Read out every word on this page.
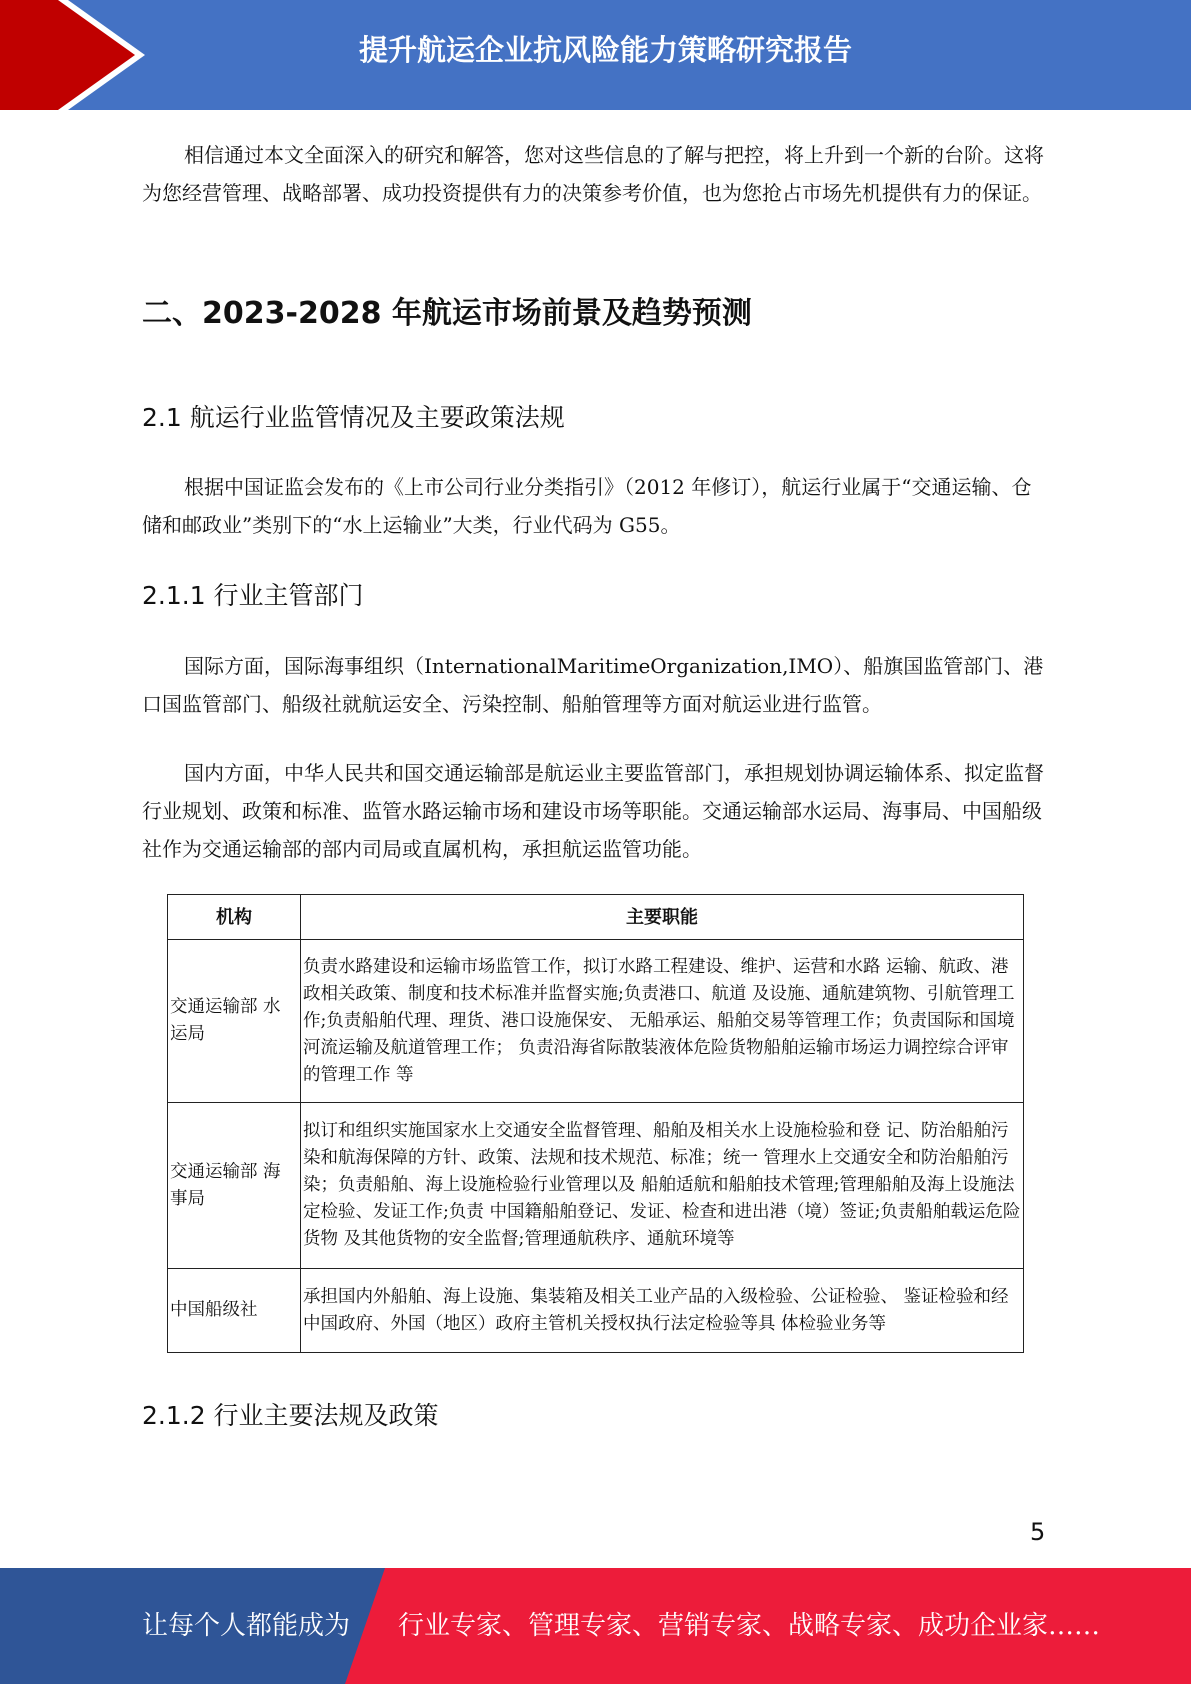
提升航运企业抗风险能力策略研究报告

相信通过本文全面深入的研究和解答，您对这些信息的了解与把控，将上升到一个新的台阶。这将为您经营管理、战略部署、成功投资提供有力的决策参考价值，也为您抢占市场先机提供有力的保证。

二、2023-2028 年航运市场前景及趋势预测
2.1 航运行业监管情况及主要政策法规

根据中国证监会发布的《上市公司行业分类指引》（2012 年修订），航运行业属于“交通运输、仓储和邮政业”类别下的“水上运输业”大类，行业代码为 G55。

2.1.1 行业主管部门

国际方面，国际海事组织（InternationalMaritimeOrganization,IMO）、船旗国监管部门、港口国监管部门、船级社就航运安全、污染控制、船舶管理等方面对航运业进行监管。

国内方面，中华人民共和国交通运输部是航运业主要监管部门，承担规划协调运输体系、拟定监督行业规划、政策和标准、监管水路运输市场和建设市场等职能。交通运输部水运局、海事局、中国船级社作为交通运输部的部内司局或直属机构，承担航运监管功能。

机构	主要职能
交通运输部 水运局	负责水路建设和运输市场监管工作，拟订水路工程建设、维护、运营和水路 运输、航政、港政相关政策、制度和技术标准并监督实施;负责港口、航道 及设施、通航建筑物、引航管理工作;负责船舶代理、理货、港口设施保安、 无船承运、船舶交易等管理工作；负责国际和国境河流运输及航道管理工作； 负责沿海省际散装液体危险货物船舶运输市场运力调控综合评审的管理工作 等
交通运输部 海事局	拟订和组织实施国家水上交通安全监督管理、船舶及相关水上设施检验和登 记、防治船舶污染和航海保障的方针、政策、法规和技术规范、标准；统一 管理水上交通安全和防治船舶污染；负责船舶、海上设施检验行业管理以及 船舶适航和船舶技术管理;管理船舶及海上设施法定检验、发证工作;负责 中国籍船舶登记、发证、检查和进出港（境）签证;负责船舶载运危险货物 及其他货物的安全监督;管理通航秩序、通航环境等
中国船级社	承担国内外船舶、海上设施、集装箱及相关工业产品的入级检验、公证检验、 鉴证检验和经中国政府、外国（地区）政府主管机关授权执行法定检验等具 体检验业务等
2.1.2 行业主要法规及政策
5
让每个人都能成为 行业专家、管理专家、营销专家、战略专家、成功企业家……
